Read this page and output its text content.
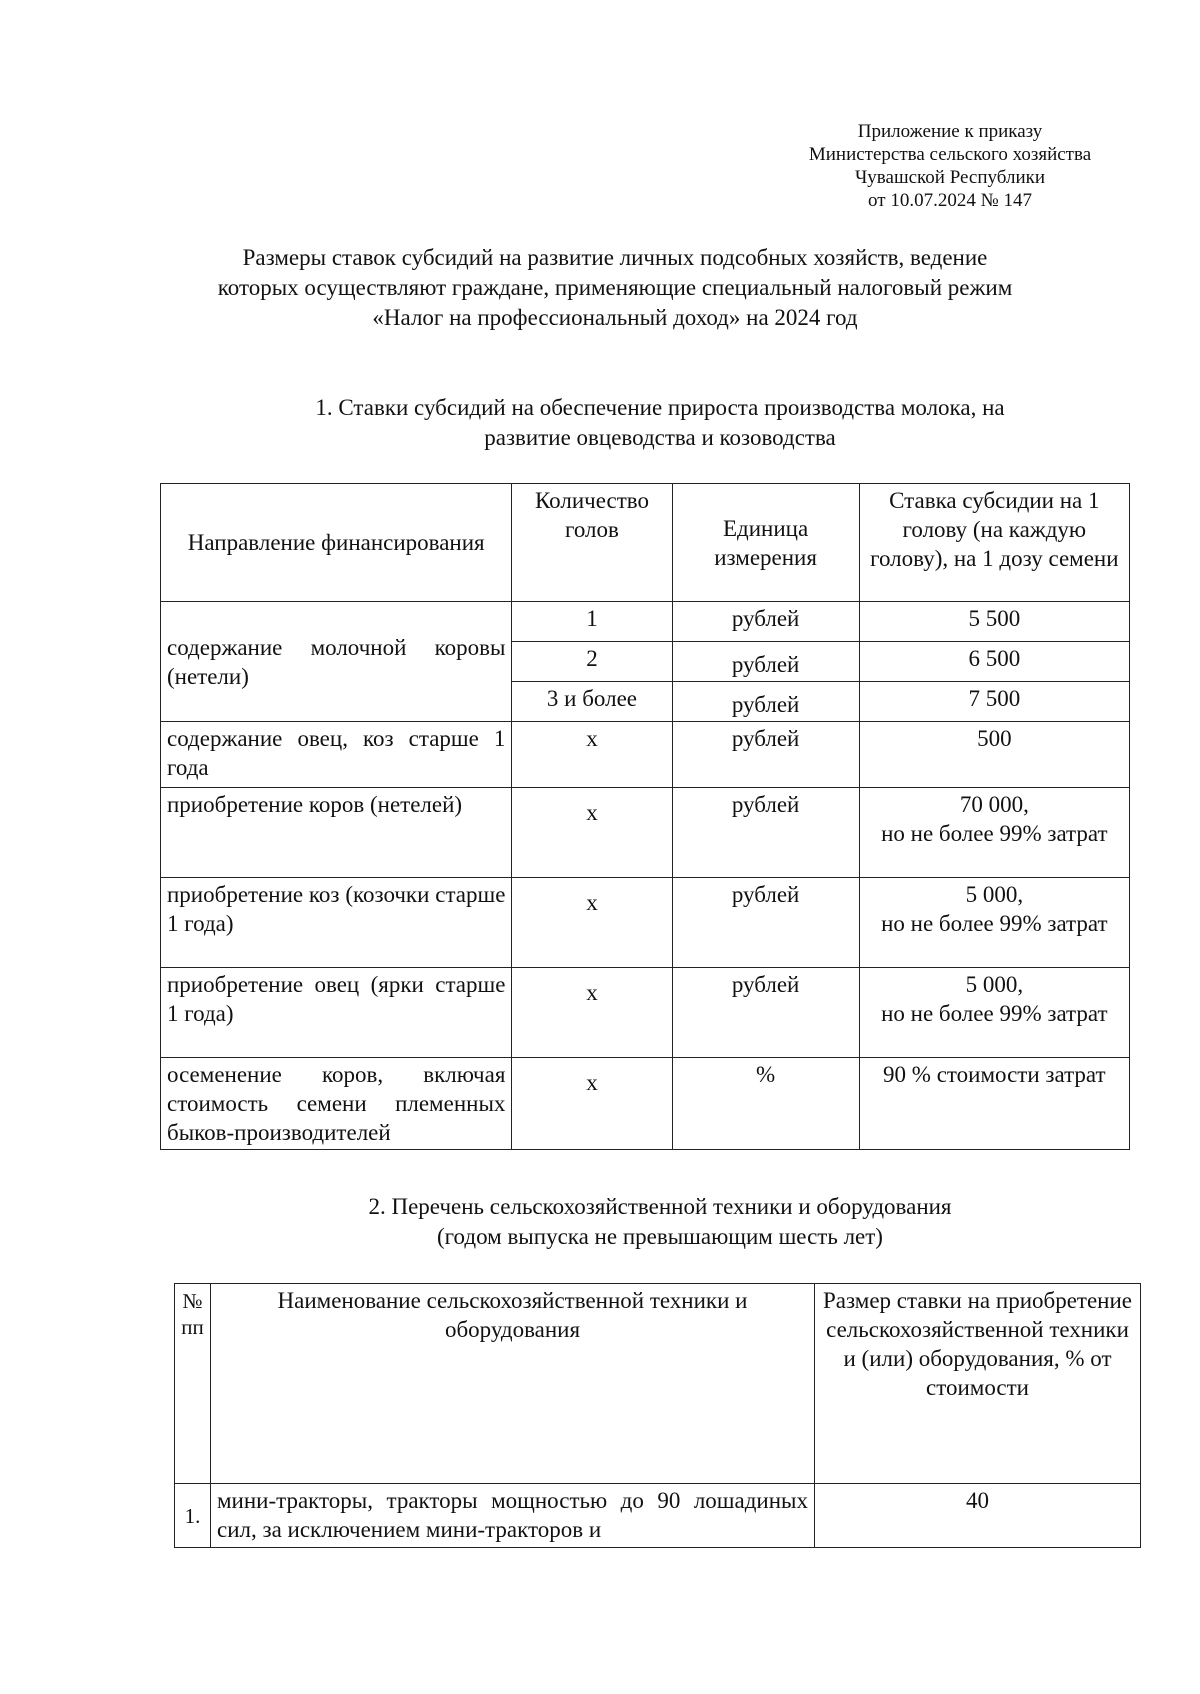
Приложение к приказу
Министерства сельского хозяйства
Чувашской Республики
от 10.07.2024 № 147
Размеры ставок субсидий на развитие личных подсобных хозяйств, ведение
которых осуществляют граждане, применяющие специальный налоговый режим
«Налог на профессиональный доход» на 2024 год
1. Ставки субсидий на обеспечение прироста производства молока, на
развитие овцеводства и козоводства
Направление финансирования	Количество голов	Единица измерения	Ставка субсидии на 1 голову (на каждую голову), на 1 дозу семени
содержание молочной коровы (нетели)	1	рублей	5 500
	2	рублей	6 500
	3 и более	рублей	7 500
содержание овец, коз старше 1 года	х	рублей	500

приобретение коров (нетелей)	х	рублей	70 000,
но не более 99% затрат

приобретение коз (козочки старше 1 года)	х	рублей	5 000,
но не более 99% затрат

приобретение овец (ярки старше 1 года)	х	рублей	5 000,
но не более 99% затрат

осеменение коров, включая стоимость семени племенных быков-производителей	х	%	90 % стоимости затрат
2. Перечень сельскохозяйственной техники и оборудования
(годом выпуска не превышающим шесть лет)
№ пп	Наименование сельскохозяйственной техники и оборудования	Размер ставки на приобретение сельскохозяйственной техники и (или) оборудования, % от стоимости
1.	мини-тракторы, тракторы мощностью до 90 лошадиных сил, за исключением мини-тракторов и	40
